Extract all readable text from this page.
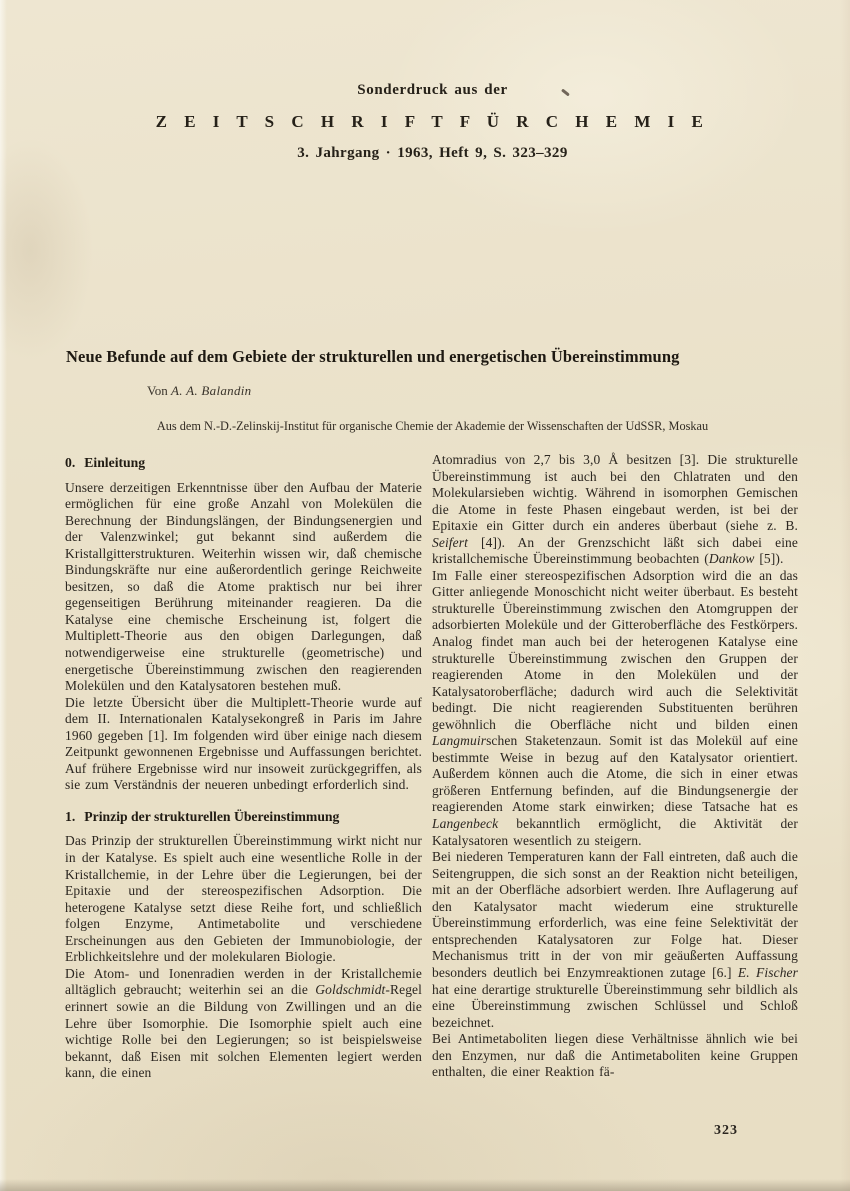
Sonderdruck aus der
Z E I T S C H R I F T F Ü R C H E M I E
3. Jahrgang · 1963, Heft 9, S. 323–329
Neue Befunde auf dem Gebiete der strukturellen und energetischen Übereinstimmung
Von A. A. Balandin
Aus dem N.-D.-Zelinskij-Institut für organische Chemie der Akademie der Wissenschaften der UdSSR, Moskau
0. Einleitung

Unsere derzeitigen Erkenntnisse über den Aufbau der Materie ermöglichen für eine große Anzahl von Molekülen die Berechnung der Bindungslängen, der Bindungsenergien und der Valenzwinkel; gut bekannt sind außerdem die Kristallgitterstrukturen. Weiterhin wissen wir, daß chemische Bindungskräfte nur eine außerordentlich geringe Reichweite besitzen, so daß die Atome praktisch nur bei ihrer gegenseitigen Berührung miteinander reagieren. Da die Katalyse eine chemische Erscheinung ist, folgert die Multiplett-Theorie aus den obigen Darlegungen, daß notwendigerweise eine strukturelle (geometrische) und energetische Übereinstimmung zwischen den reagierenden Molekülen und den Katalysatoren bestehen muß.

Die letzte Übersicht über die Multiplett-Theorie wurde auf dem II. Internationalen Katalysekongreß in Paris im Jahre 1960 gegeben [1]. Im folgenden wird über einige nach diesem Zeitpunkt gewonnenen Ergebnisse und Auffassungen berichtet. Auf frühere Ergebnisse wird nur insoweit zurückgegriffen, als sie zum Verständnis der neueren unbedingt erforderlich sind.

1. Prinzip der strukturellen Übereinstimmung

Das Prinzip der strukturellen Übereinstimmung wirkt nicht nur in der Katalyse. Es spielt auch eine wesentliche Rolle in der Kristallchemie, in der Lehre über die Legierungen, bei der Epitaxie und der stereospezifischen Adsorption. Die heterogene Katalyse setzt diese Reihe fort, und schließlich folgen Enzyme, Antimetabolite und verschiedene Erscheinungen aus den Gebieten der Immunobiologie, der Erblichkeitslehre und der molekularen Biologie.

Die Atom- und Ionenradien werden in der Kristallchemie alltäglich gebraucht; weiterhin sei an die Goldschmidt-Regel erinnert sowie an die Bildung von Zwillingen und an die Lehre über Isomorphie. Die Isomorphie spielt auch eine wichtige Rolle bei den Legierungen; so ist beispielsweise bekannt, daß Eisen mit solchen Elementen legiert werden kann, die einen

Atomradius von 2,7 bis 3,0 Å besitzen [3]. Die strukturelle Übereinstimmung ist auch bei den Chlatraten und den Molekularsieben wichtig. Während in isomorphen Gemischen die Atome in feste Phasen eingebaut werden, ist bei der Epitaxie ein Gitter durch ein anderes überbaut (siehe z. B. Seifert [4]). An der Grenzschicht läßt sich dabei eine kristallchemische Übereinstimmung beobachten (Dankow [5]).

Im Falle einer stereospezifischen Adsorption wird die an das Gitter anliegende Monoschicht nicht weiter überbaut. Es besteht strukturelle Übereinstimmung zwischen den Atomgruppen der adsorbierten Moleküle und der Gitteroberfläche des Festkörpers. Analog findet man auch bei der heterogenen Katalyse eine strukturelle Übereinstimmung zwischen den Gruppen der reagierenden Atome in den Molekülen und der Katalysatoroberfläche; dadurch wird auch die Selektivität bedingt. Die nicht reagierenden Substituenten berühren gewöhnlich die Oberfläche nicht und bilden einen Langmuirschen Staketenzaun. Somit ist das Molekül auf eine bestimmte Weise in bezug auf den Katalysator orientiert. Außerdem können auch die Atome, die sich in einer etwas größeren Entfernung befinden, auf die Bindungsenergie der reagierenden Atome stark einwirken; diese Tatsache hat es Langenbeck bekanntlich ermöglicht, die Aktivität der Katalysatoren wesentlich zu steigern.

Bei niederen Temperaturen kann der Fall eintreten, daß auch die Seitengruppen, die sich sonst an der Reaktion nicht beteiligen, mit an der Oberfläche adsorbiert werden. Ihre Auflagerung auf den Katalysator macht wiederum eine strukturelle Übereinstimmung erforderlich, was eine feine Selektivität der entsprechenden Katalysatoren zur Folge hat. Dieser Mechanismus tritt in der von mir geäußerten Auffassung besonders deutlich bei Enzymreaktionen zutage [6.] E. Fischer hat eine derartige strukturelle Übereinstimmung sehr bildlich als eine Übereinstimmung zwischen Schlüssel und Schloß bezeichnet.

Bei Antimetaboliten liegen diese Verhältnisse ähnlich wie bei den Enzymen, nur daß die Antimetaboliten keine Gruppen enthalten, die einer Reaktion fä-

323
